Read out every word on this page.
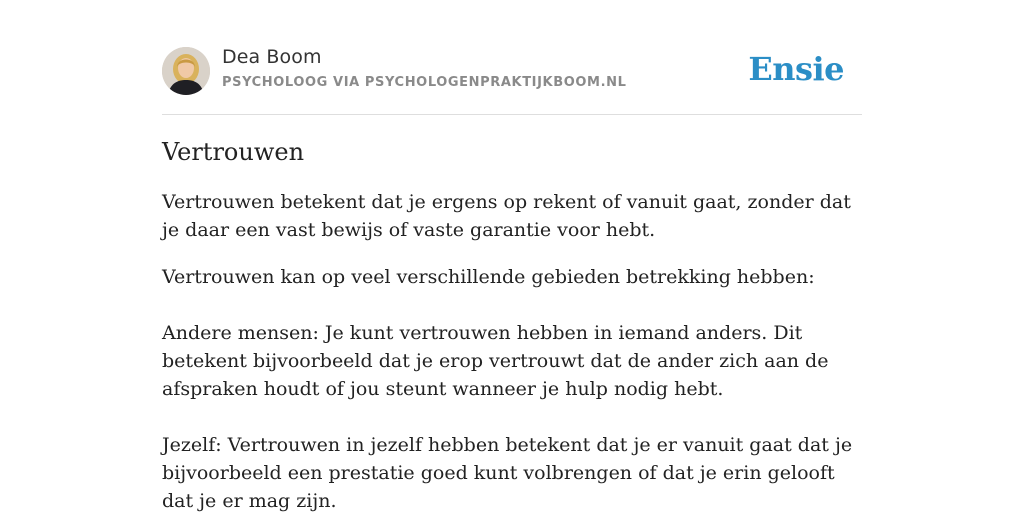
Dea Boom
PSYCHOLOOG VIA PSYCHOLOGENPRAKTIJKBOOM.NL	Ensie
Vertrouwen

Vertrouwen betekent dat je ergens op rekent of vanuit gaat, zonder dat je daar een vast bewijs of vaste garantie voor hebt.

Vertrouwen kan op veel verschillende gebieden betrekking hebben:

Andere mensen: Je kunt vertrouwen hebben in iemand anders. Dit betekent bijvoorbeeld dat je erop vertrouwt dat de ander zich aan de afspraken houdt of jou steunt wanneer je hulp nodig hebt.

Jezelf: Vertrouwen in jezelf hebben betekent dat je er vanuit gaat dat je bijvoorbeeld een prestatie goed kunt volbrengen of dat je erin gelooft dat je er mag zijn.
